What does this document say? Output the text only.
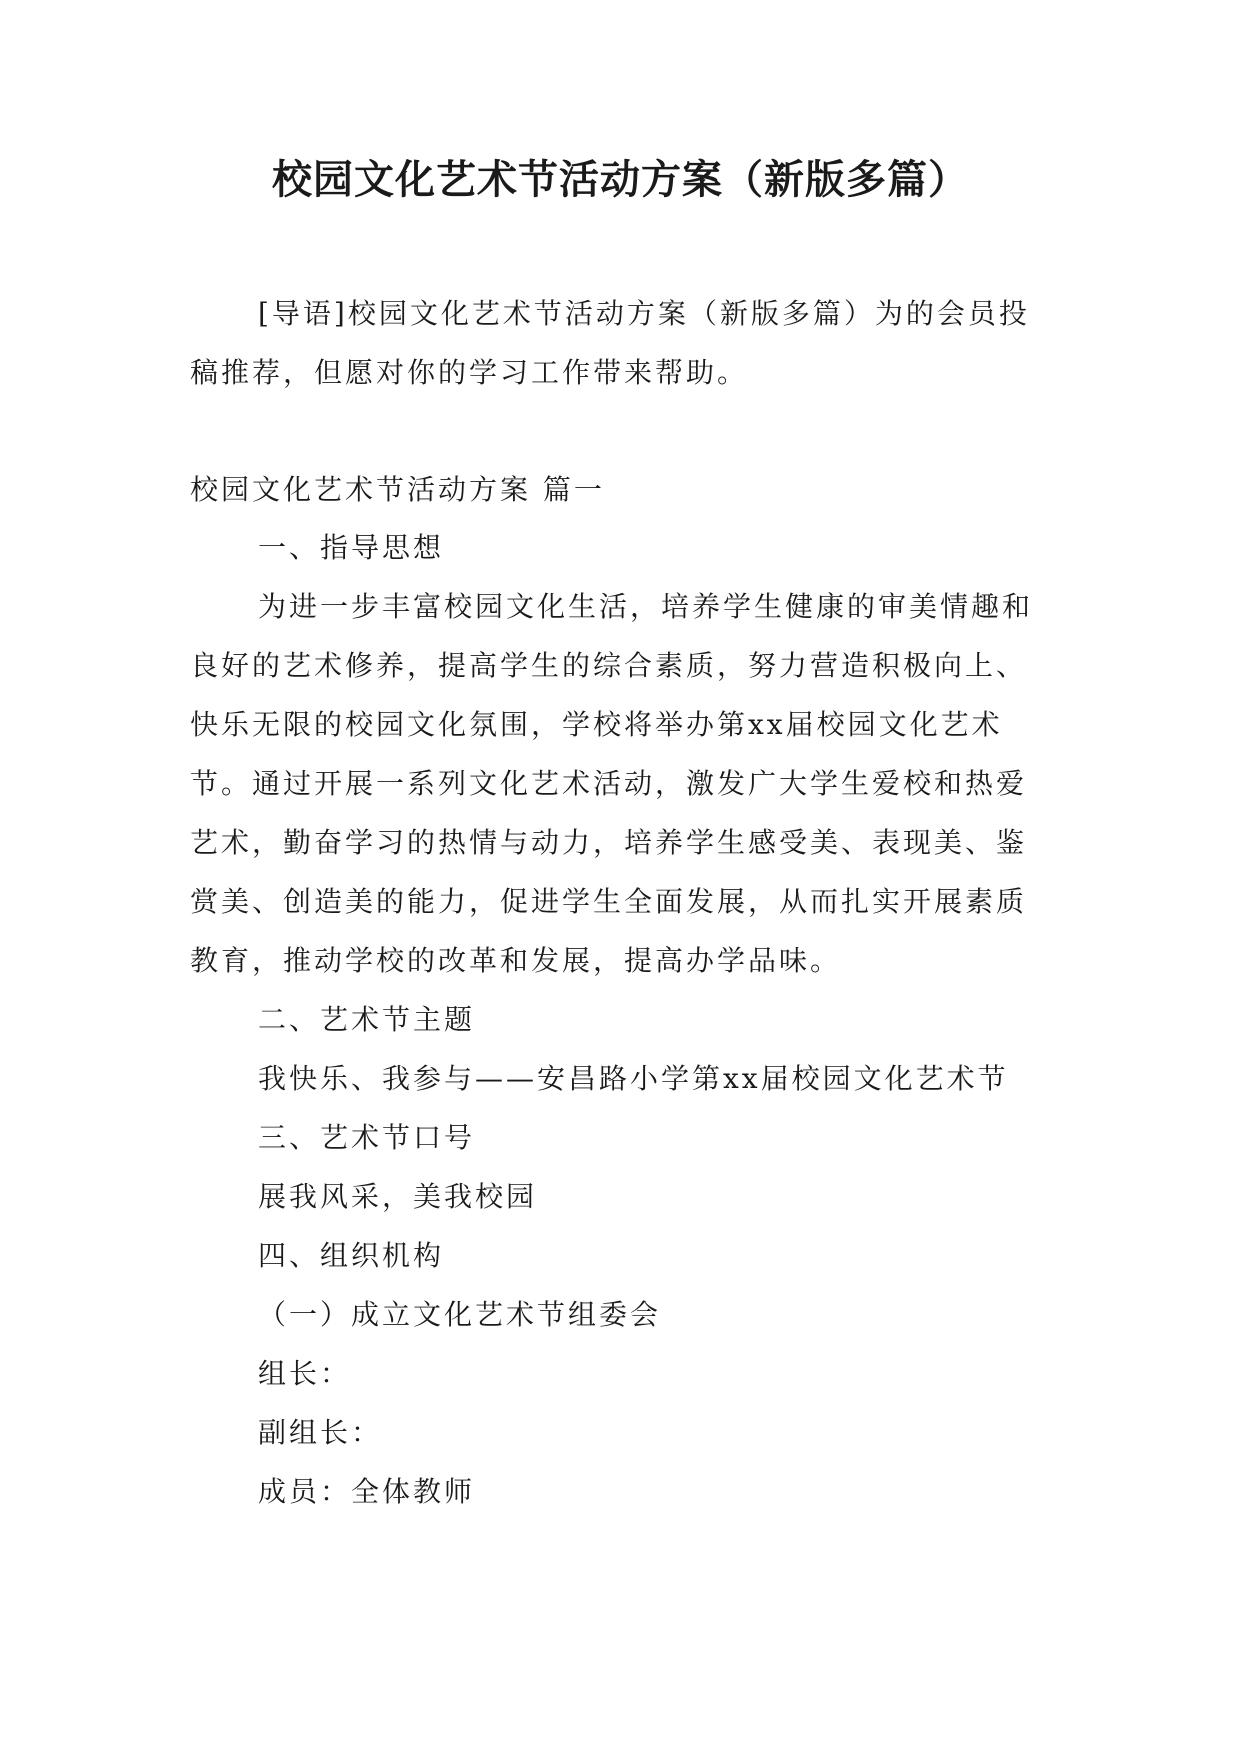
校园文化艺术节活动方案（新版多篇）

[导语]校园文化艺术节活动方案（新版多篇）为的会员投稿推荐，但愿对你的学习工作带来帮助。

校园文化艺术节活动方案 篇一

一、指导思想

为进一步丰富校园文化生活，培养学生健康的审美情趣和良好的艺术修养，提高学生的综合素质，努力营造积极向上、快乐无限的校园文化氛围，学校将举办第xx届校园文化艺术节。通过开展一系列文化艺术活动，激发广大学生爱校和热爱艺术，勤奋学习的热情与动力，培养学生感受美、表现美、鉴赏美、创造美的能力，促进学生全面发展，从而扎实开展素质教育，推动学校的改革和发展，提高办学品味。

二、艺术节主题

我快乐、我参与——安昌路小学第xx届校园文化艺术节

三、艺术节口号

展我风采，美我校园

四、组织机构

（一）成立文化艺术节组委会

组长：

副组长：

成员：全体教师
